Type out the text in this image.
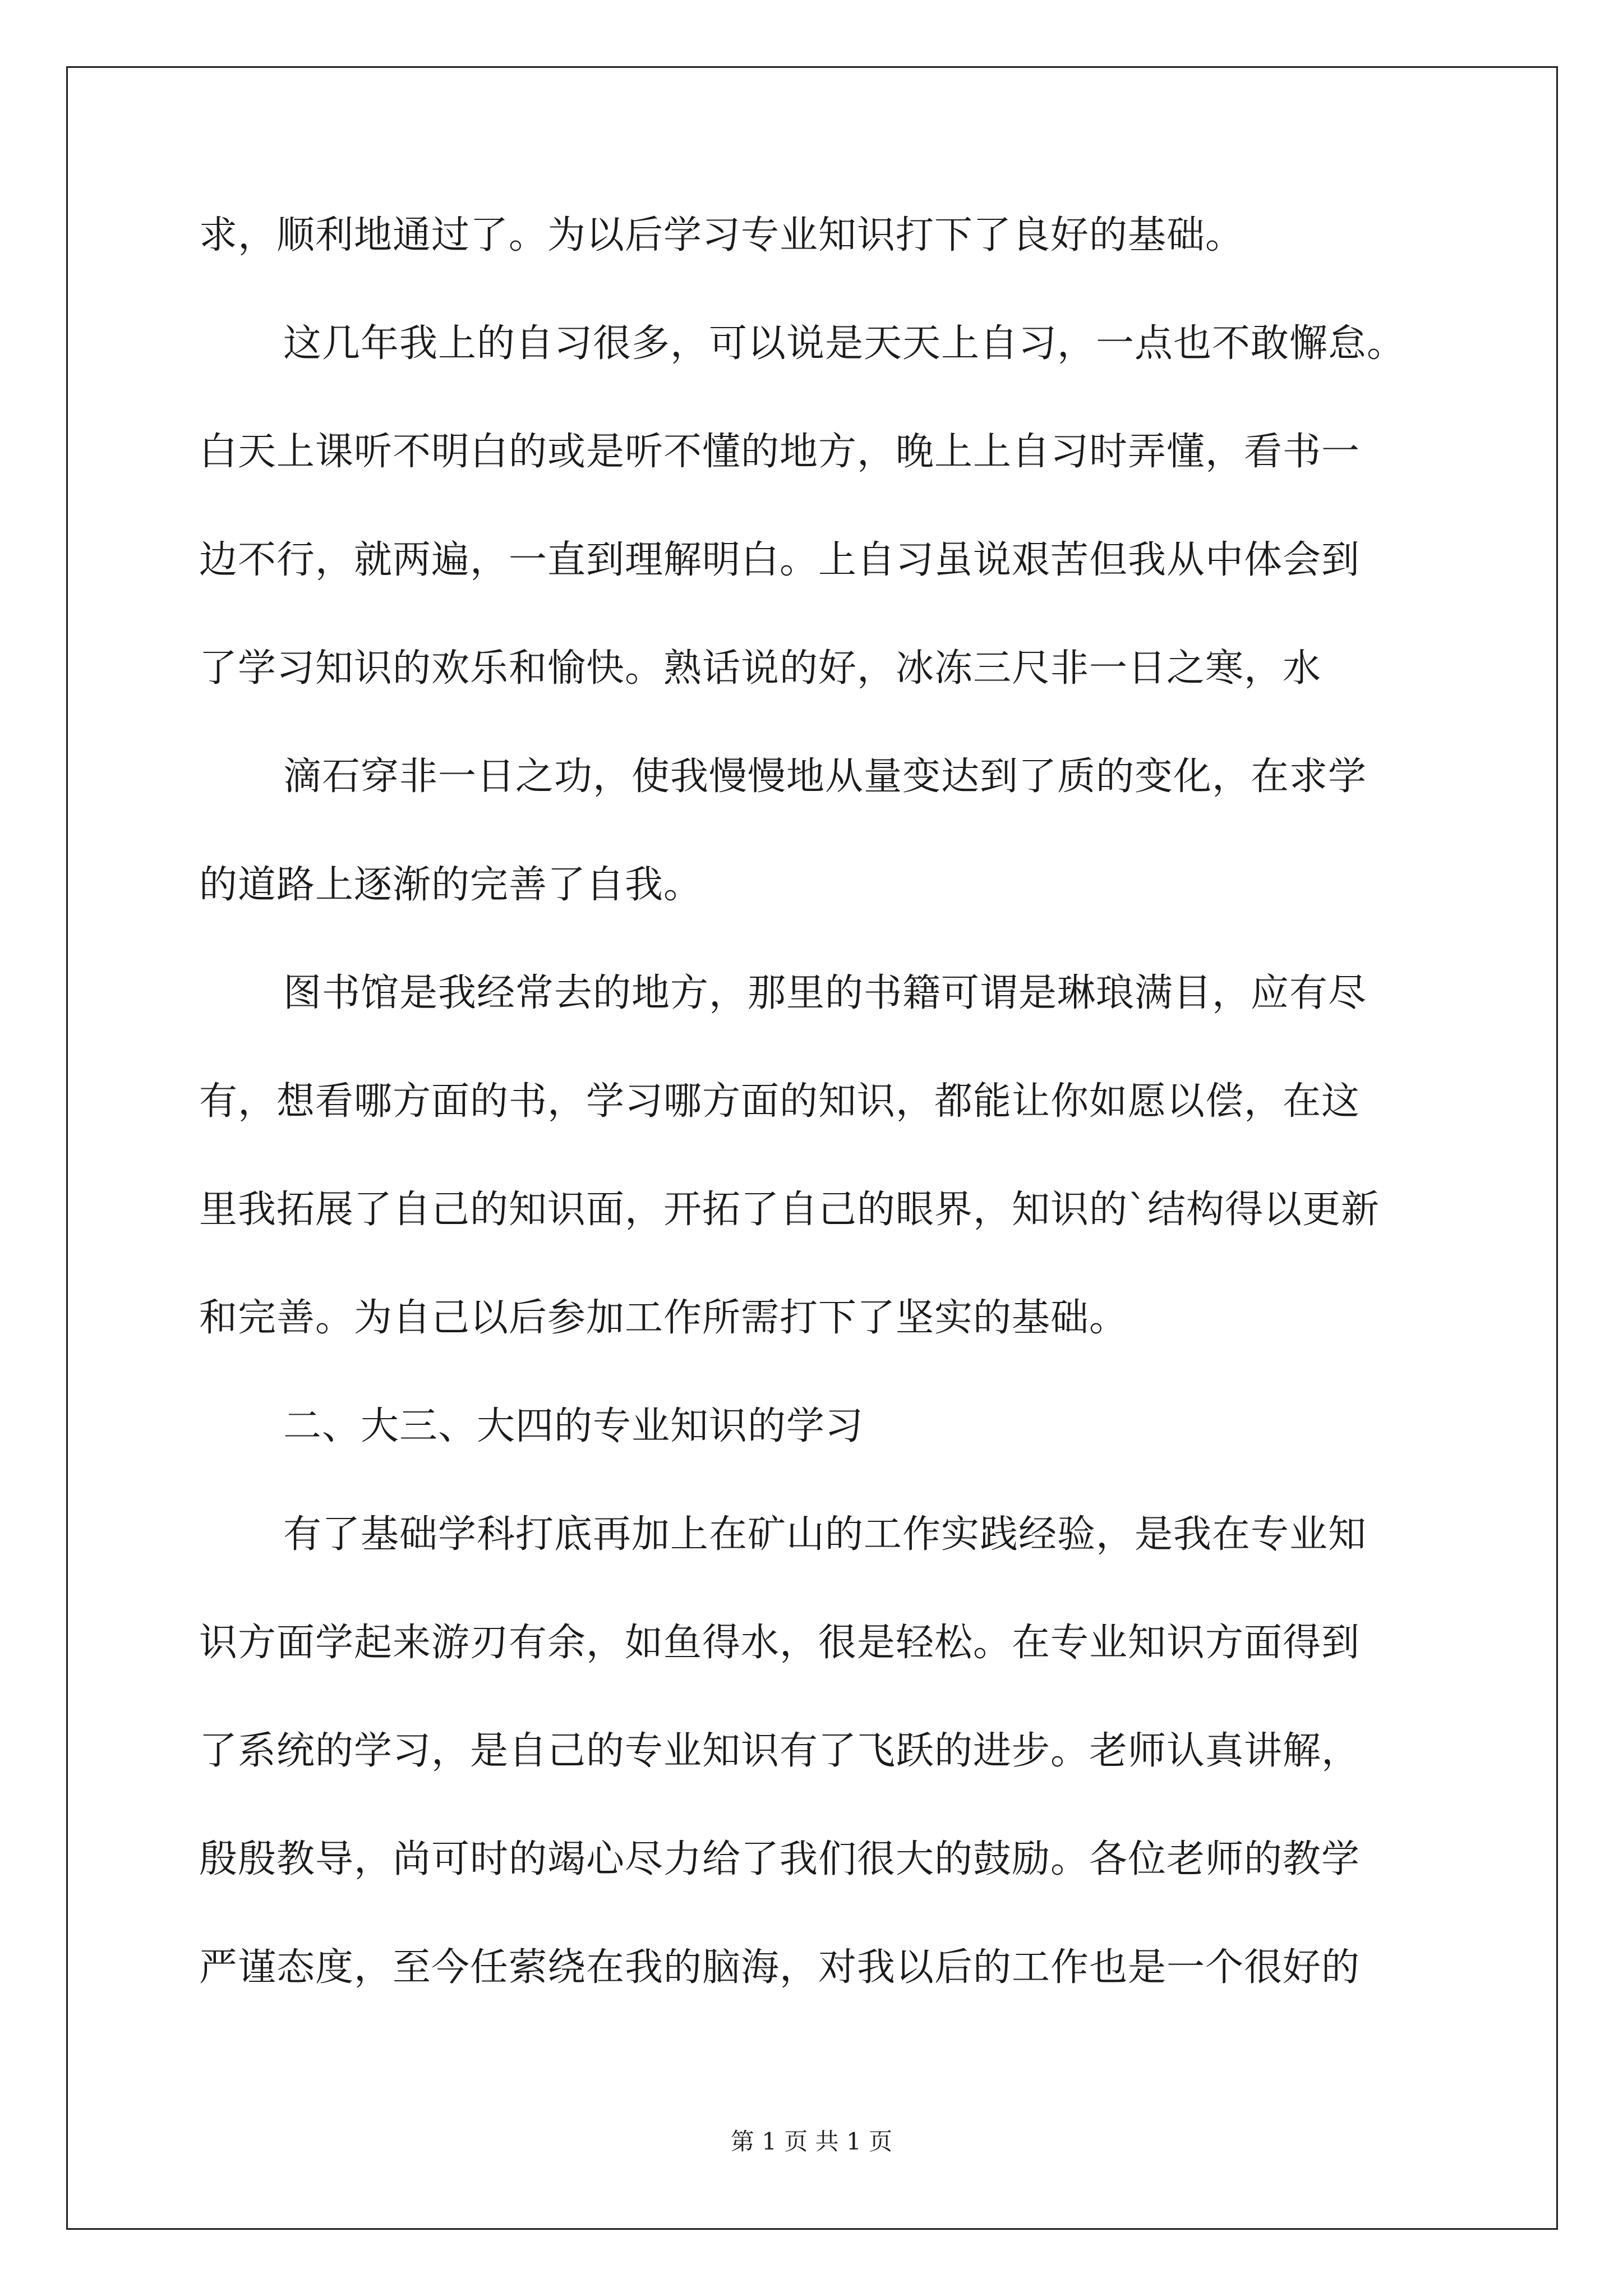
求，顺利地通过了。为以后学习专业知识打下了良好的基础。
这几年我上的自习很多，可以说是天天上自习，一点也不敢懈怠。
白天上课听不明白的或是听不懂的地方，晚上上自习时弄懂，看书一
边不行，就两遍，一直到理解明白。上自习虽说艰苦但我从中体会到
了学习知识的欢乐和愉快。熟话说的好，冰冻三尺非一日之寒，水
滴石穿非一日之功，使我慢慢地从量变达到了质的变化，在求学
的道路上逐渐的完善了自我。
图书馆是我经常去的地方，那里的书籍可谓是琳琅满目，应有尽
有，想看哪方面的书，学习哪方面的知识，都能让你如愿以偿，在这
里我拓展了自己的知识面，开拓了自己的眼界，知识的`结构得以更新
和完善。为自己以后参加工作所需打下了坚实的基础。
二、大三、大四的专业知识的学习
有了基础学科打底再加上在矿山的工作实践经验，是我在专业知
识方面学起来游刃有余，如鱼得水，很是轻松。在专业知识方面得到
了系统的学习，是自己的专业知识有了飞跃的进步。老师认真讲解，
殷殷教导，尚可时的竭心尽力给了我们很大的鼓励。各位老师的教学
严谨态度，至今任萦绕在我的脑海，对我以后的工作也是一个很好的
第 1 页 共 1 页
